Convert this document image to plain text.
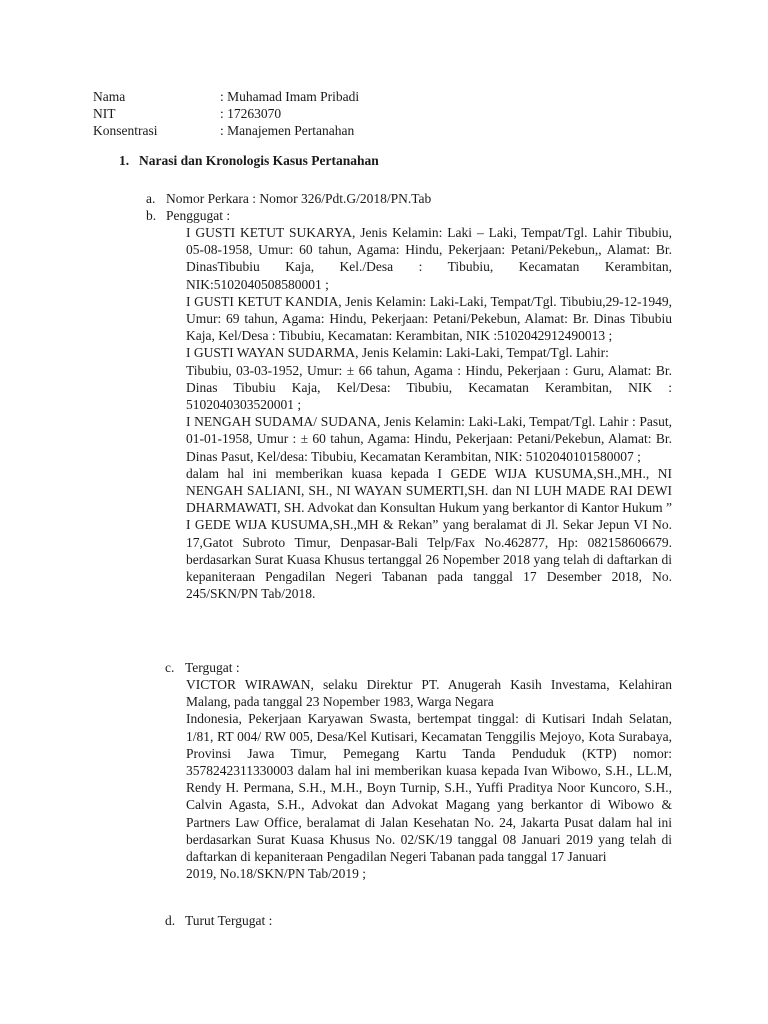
Nama	: Muhamad Imam Pribadi
NIT	: 17263070
Konsentrasi	: Manajemen Pertanahan
1. Narasi dan Kronologis Kasus Pertanahan
a. Nomor Perkara : Nomor 326/Pdt.G/2018/PN.Tab
b. Penggugat :

I GUSTI KETUT SUKARYA, Jenis Kelamin: Laki – Laki, Tempat/Tgl. Lahir Tibubiu, 05-08-1958, Umur: 60 tahun, Agama: Hindu, Pekerjaan: Petani/Pekebun,, Alamat: Br. DinasTibubiu Kaja, Kel./Desa : Tibubiu, Kecamatan Kerambitan, NIK:5102040508580001 ;

I GUSTI KETUT KANDIA, Jenis Kelamin: Laki-Laki, Tempat/Tgl. Tibubiu,29-12-1949, Umur: 69 tahun, Agama: Hindu, Pekerjaan: Petani/Pekebun, Alamat: Br. Dinas Tibubiu Kaja, Kel/Desa : Tibubiu, Kecamatan: Kerambitan, NIK :5102042912490013 ;

I GUSTI WAYAN SUDARMA, Jenis Kelamin: Laki-Laki, Tempat/Tgl. Lahir:

Tibubiu, 03-03-1952, Umur: ± 66 tahun, Agama : Hindu, Pekerjaan : Guru, Alamat: Br. Dinas Tibubiu Kaja, Kel/Desa: Tibubiu, Kecamatan Kerambitan, NIK : 5102040303520001 ;

I NENGAH SUDAMA/ SUDANA, Jenis Kelamin: Laki-Laki, Tempat/Tgl. Lahir : Pasut, 01-01-1958, Umur : ± 60 tahun, Agama: Hindu, Pekerjaan: Petani/Pekebun, Alamat: Br. Dinas Pasut, Kel/desa: Tibubiu, Kecamatan Kerambitan, NIK: 5102040101580007 ;

dalam hal ini memberikan kuasa kepada I GEDE WIJA KUSUMA,SH.,MH., NI NENGAH SALIANI, SH., NI WAYAN SUMERTI,SH. dan NI LUH MADE RAI DEWI DHARMAWATI, SH. Advokat dan Konsultan Hukum yang berkantor di Kantor Hukum ” I GEDE WIJA KUSUMA,SH.,MH & Rekan” yang beralamat di Jl. Sekar Jepun VI No. 17,Gatot Subroto Timur, Denpasar-Bali Telp/Fax No.462877, Hp: 082158606679. berdasarkan Surat Kuasa Khusus tertanggal 26 Nopember 2018 yang telah di daftarkan di kepaniteraan Pengadilan Negeri Tabanan pada tanggal 17 Desember 2018, No. 245/SKN/PN Tab/2018.

c. Tergugat :

VICTOR WIRAWAN, selaku Direktur PT. Anugerah Kasih Investama, Kelahiran Malang, pada tanggal 23 Nopember 1983, Warga Negara

Indonesia, Pekerjaan Karyawan Swasta, bertempat tinggal: di Kutisari Indah Selatan, 1/81, RT 004/ RW 005, Desa/Kel Kutisari, Kecamatan Tenggilis Mejoyo, Kota Surabaya, Provinsi Jawa Timur, Pemegang Kartu Tanda Penduduk (KTP) nomor: 3578242311330003 dalam hal ini memberikan kuasa kepada Ivan Wibowo, S.H., LL.M, Rendy H. Permana, S.H., M.H., Boyn Turnip, S.H., Yuffi Praditya Noor Kuncoro, S.H., Calvin Agasta, S.H., Advokat dan Advokat Magang yang berkantor di Wibowo & Partners Law Office, beralamat di Jalan Kesehatan No. 24, Jakarta Pusat dalam hal ini berdasarkan Surat Kuasa Khusus No. 02/SK/19 tanggal 08 Januari 2019 yang telah di daftarkan di kepaniteraan Pengadilan Negeri Tabanan pada tanggal 17 Januari

2019, No.18/SKN/PN Tab/2019 ;

d. Turut Tergugat :
